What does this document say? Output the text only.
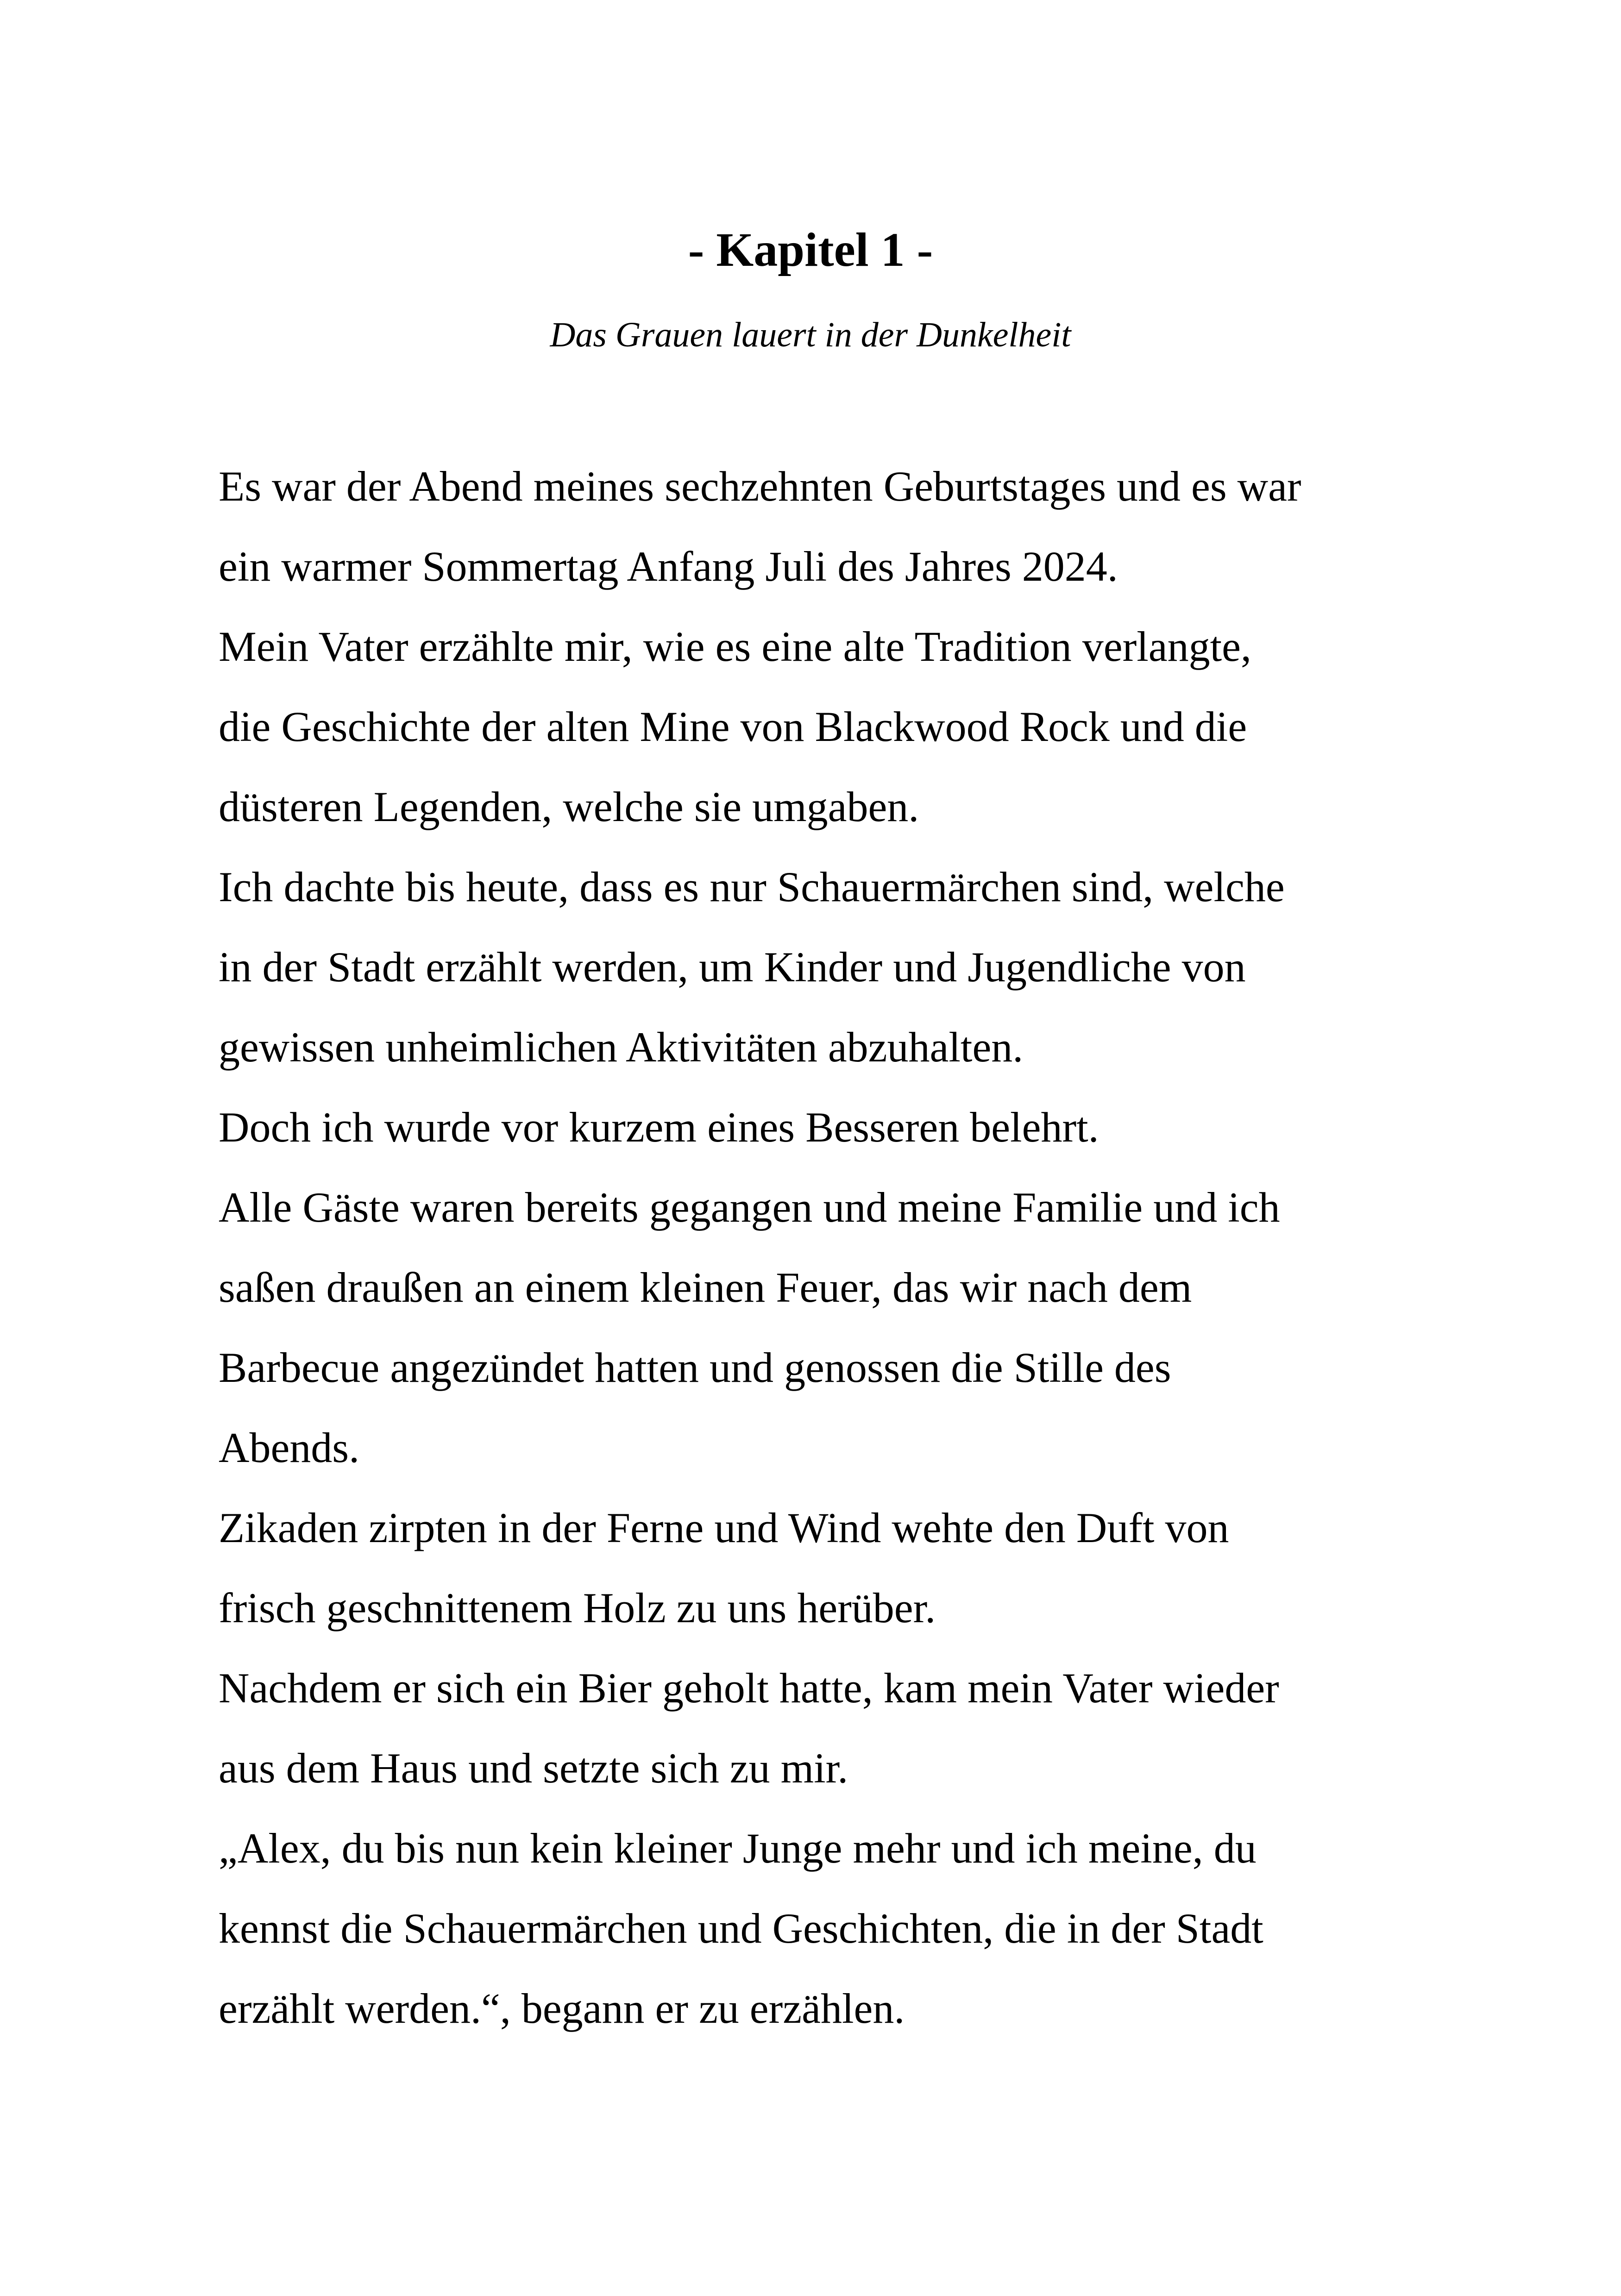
- Kapitel 1 -

Das Grauen lauert in der Dunkelheit

Es war der Abend meines sechzehnten Geburtstages und es war
ein warmer Sommertag Anfang Juli des Jahres 2024.
Mein Vater erzählte mir, wie es eine alte Tradition verlangte,
die Geschichte der alten Mine von Blackwood Rock und die
düsteren Legenden, welche sie umgaben.
Ich dachte bis heute, dass es nur Schauermärchen sind, welche
in der Stadt erzählt werden, um Kinder und Jugendliche von
gewissen unheimlichen Aktivitäten abzuhalten.
Doch ich wurde vor kurzem eines Besseren belehrt.
Alle Gäste waren bereits gegangen und meine Familie und ich
saßen draußen an einem kleinen Feuer, das wir nach dem
Barbecue angezündet hatten und genossen die Stille des
Abends.
Zikaden zirpten in der Ferne und Wind wehte den Duft von
frisch geschnittenem Holz zu uns herüber.
Nachdem er sich ein Bier geholt hatte, kam mein Vater wieder
aus dem Haus und setzte sich zu mir.
„Alex, du bis nun kein kleiner Junge mehr und ich meine, du
kennst die Schauermärchen und Geschichten, die in der Stadt
erzählt werden.“, begann er zu erzählen.
